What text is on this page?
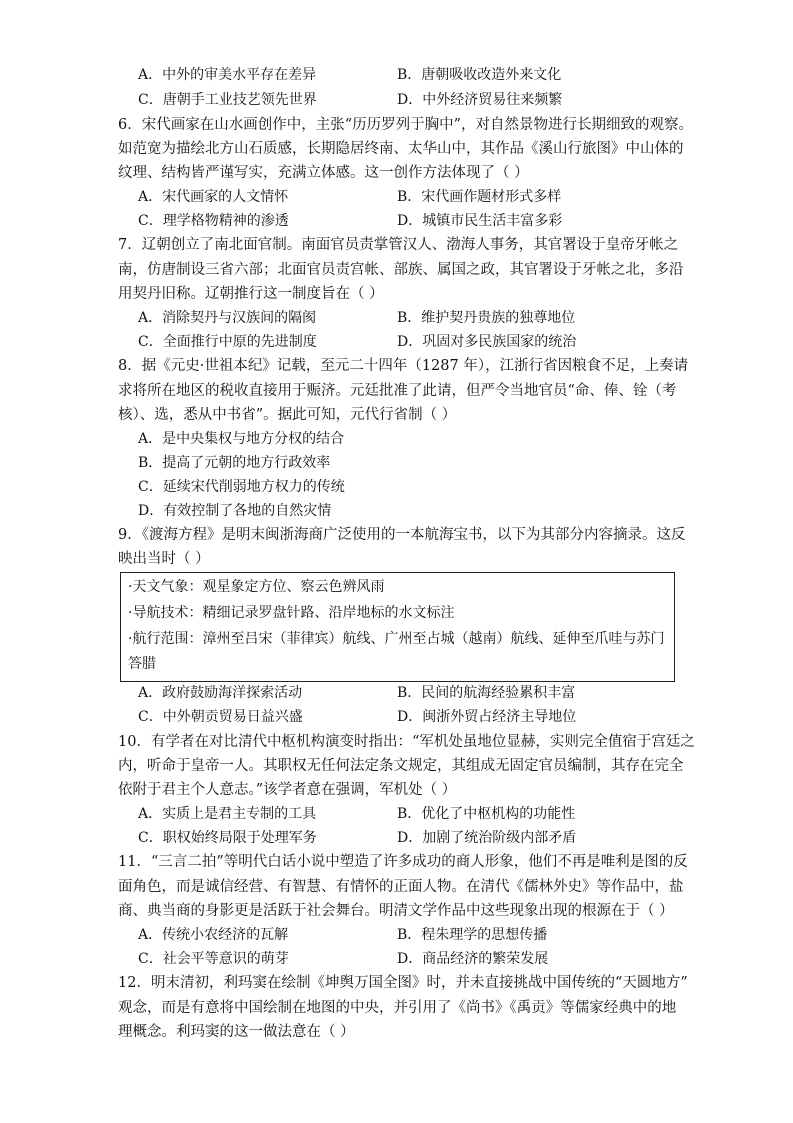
A．中外的审美水平存在差异	B．唐朝吸收改造外来文化
C．唐朝手工业技艺领先世界	D．中外经济贸易往来频繁
6．宋代画家在山水画创作中，主张“历历罗列于胸中”，对自然景物进行长期细致的观察。
如范宽为描绘北方山石质感，长期隐居终南、太华山中，其作品《溪山行旅图》中山体的
纹理、结构皆严谨写实，充满立体感。这一创作方法体现了（ ）
A．宋代画家的人文情怀	B．宋代画作题材形式多样
C．理学格物精神的渗透	D．城镇市民生活丰富多彩
7．辽朝创立了南北面官制。南面官员责掌管汉人、渤海人事务，其官署设于皇帝牙帐之
南，仿唐制设三省六部；北面官员责宫帐、部族、属国之政，其官署设于牙帐之北，多沿
用契丹旧称。辽朝推行这一制度旨在（ ）
A．消除契丹与汉族间的隔阂	B．维护契丹贵族的独尊地位
C．全面推行中原的先进制度	D．巩固对多民族国家的统治
8．据《元史·世祖本纪》记载，至元二十四年（1287 年），江浙行省因粮食不足，上奏请
求将所在地区的税收直接用于赈济。元廷批准了此请，但严令当地官员“命、俸、铨（考
核）、选，悉从中书省”。据此可知，元代行省制（ ）
A．是中央集权与地方分权的结合
B．提高了元朝的地方行政效率
C．延续宋代削弱地方权力的传统
D．有效控制了各地的自然灾情
9．《渡海方程》是明末闽浙海商广泛使用的一本航海宝书，以下为其部分内容摘录。这反
映出当时（ ）
·天文气象：观星象定方位、察云色辨风雨
·导航技术：精细记录罗盘针路、沿岸地标的水文标注
·航行范围：漳州至吕宋（菲律宾）航线、广州至占城（越南）航线、延伸至爪哇与苏门
答腊
A．政府鼓励海洋探索活动	B．民间的航海经验累积丰富
C．中外朝贡贸易日益兴盛	D．闽浙外贸占经济主导地位
10．有学者在对比清代中枢机构演变时指出：“军机处虽地位显赫，实则完全值宿于宫廷之
内，听命于皇帝一人。其职权无任何法定条文规定，其组成无固定官员编制，其存在完全
依附于君主个人意志。”该学者意在强调，军机处（ ）
A．实质上是君主专制的工具	B．优化了中枢机构的功能性
C．职权始终局限于处理军务	D．加剧了统治阶级内部矛盾
11．“三言二拍”等明代白话小说中塑造了许多成功的商人形象，他们不再是唯利是图的反
面角色，而是诚信经营、有智慧、有情怀的正面人物。在清代《儒林外史》等作品中，盐
商、典当商的身影更是活跃于社会舞台。明清文学作品中这些现象出现的根源在于（ ）
A．传统小农经济的瓦解	B．程朱理学的思想传播
C．社会平等意识的萌芽	D．商品经济的繁荣发展
12．明末清初，利玛窦在绘制《坤舆万国全图》时，并未直接挑战中国传统的“天圆地方”
观念，而是有意将中国绘制在地图的中央，并引用了《尚书》《禹贡》等儒家经典中的地
理概念。利玛窦的这一做法意在（ ）
